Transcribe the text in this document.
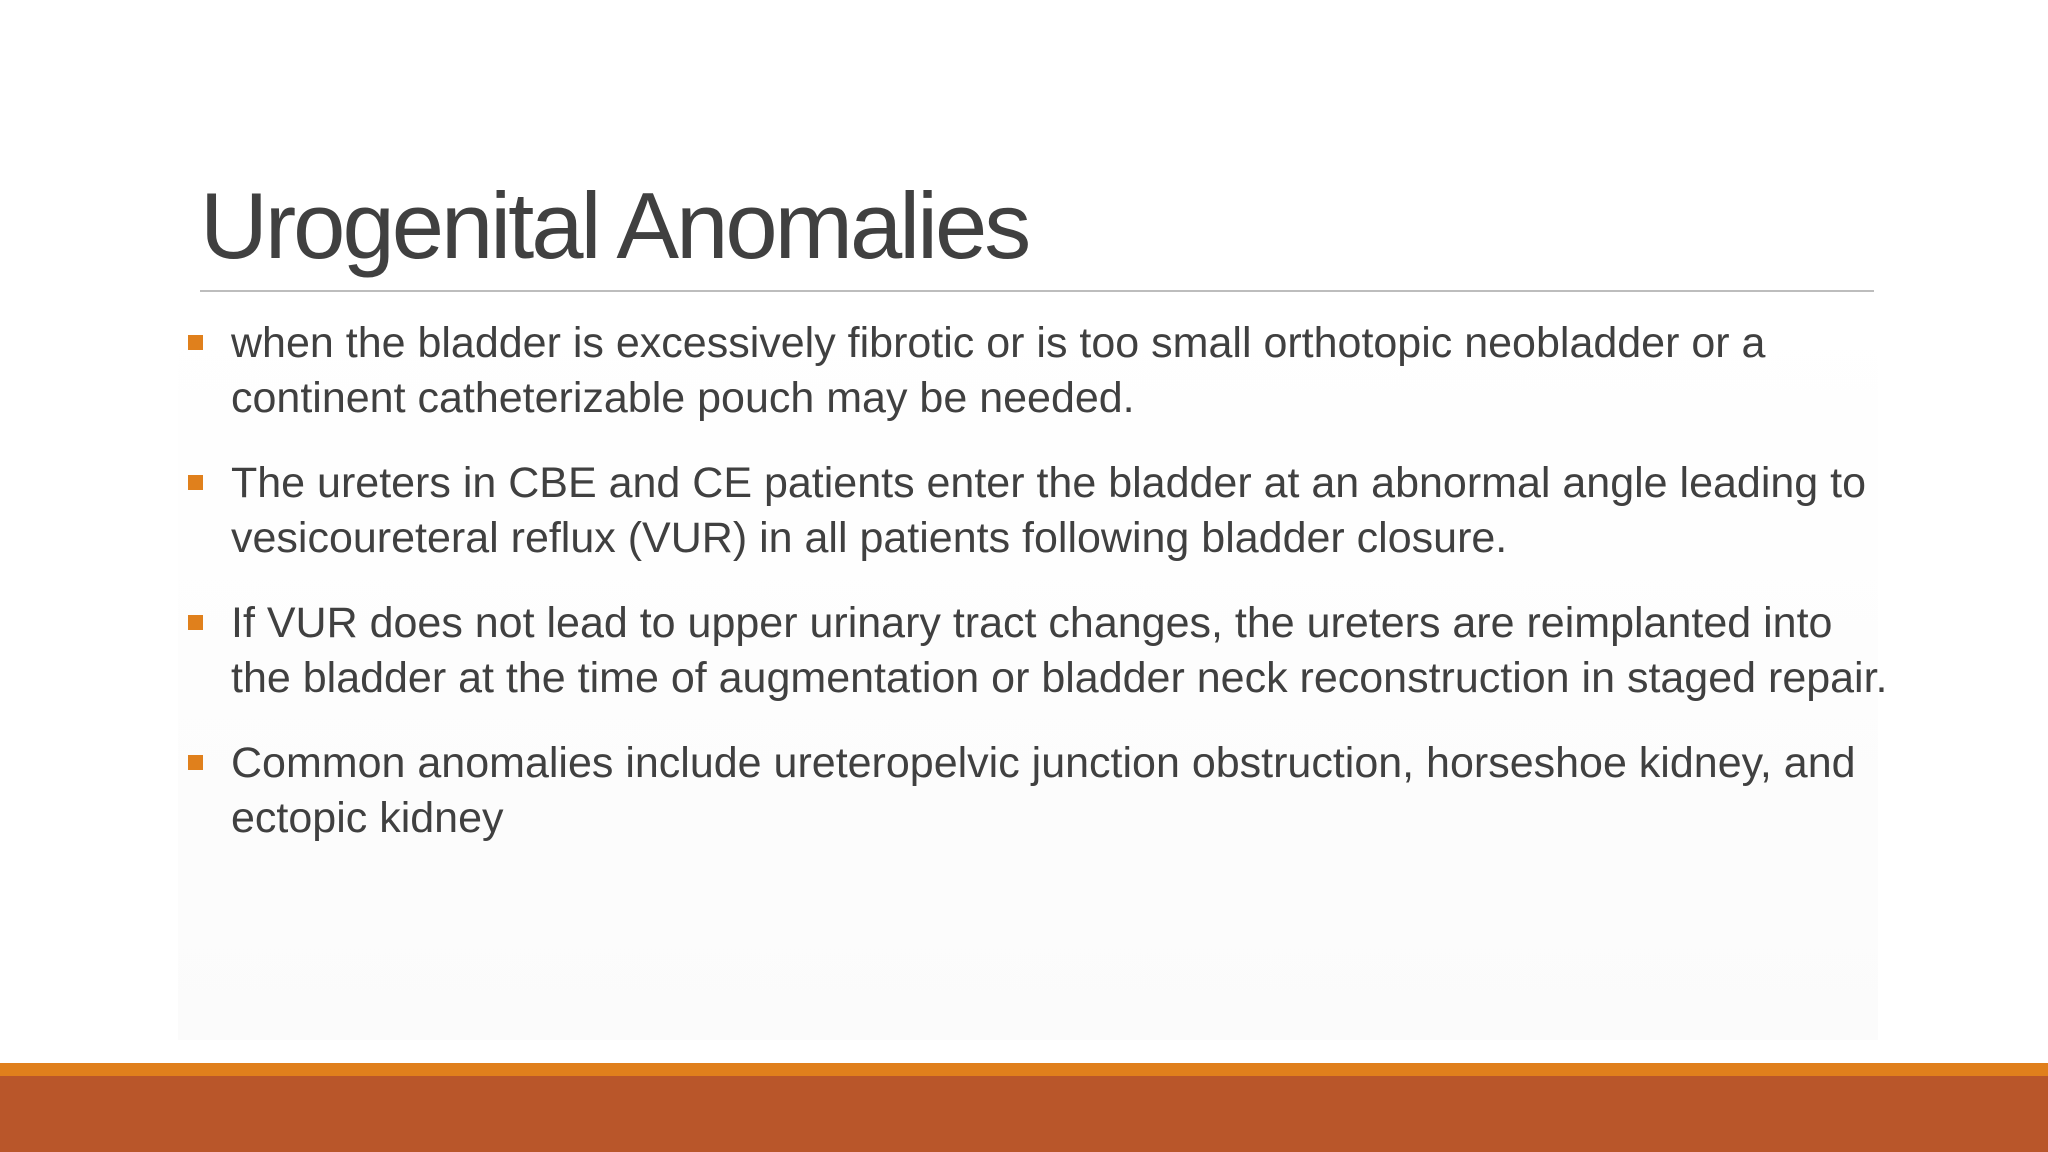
Urogenital Anomalies
when the bladder is excessively fibrotic or is too small orthotopic neobladder or a continent catheterizable pouch may be needed.
The ureters in CBE and CE patients enter the bladder at an abnormal angle leading to vesicoureteral reflux (VUR) in all patients following bladder closure.
If VUR does not lead to upper urinary tract changes, the ureters are reimplanted into the bladder at the time of augmentation or bladder neck reconstruction in staged repair.
Common anomalies include ureteropelvic junction obstruction, horseshoe kidney, and ectopic kidney
